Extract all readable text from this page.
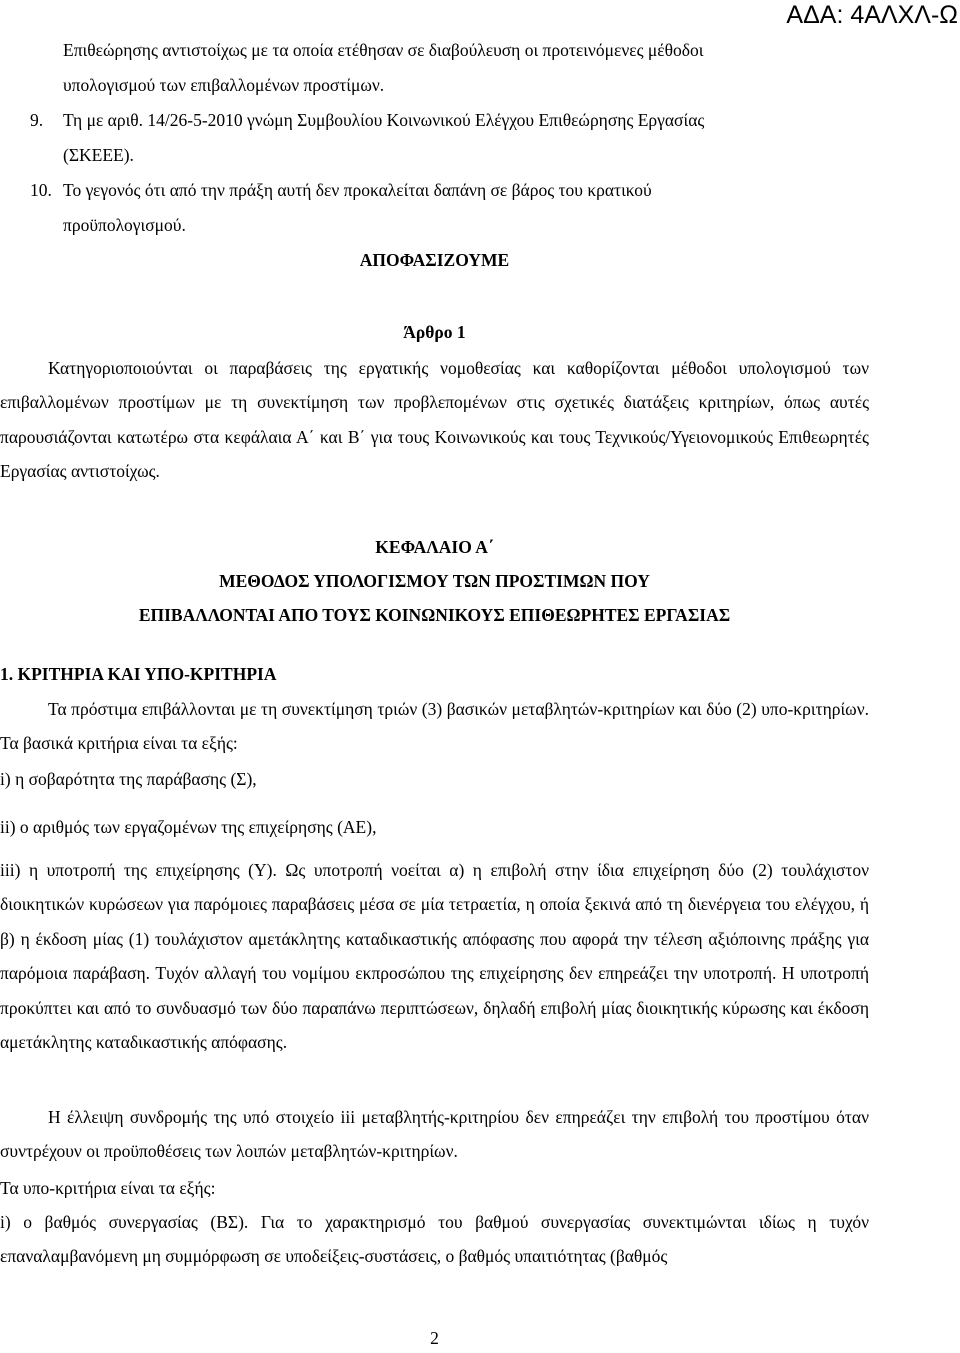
ΑΔΑ: 4ΑΛΧΛ-Ω
Επιθεώρησης αντιστοίχως με τα οποία ετέθησαν σε διαβούλευση οι προτεινόμενες μέθοδοι
υπολογισμού των επιβαλλομένων προστίμων.
9. Τη με αριθ. 14/26-5-2010 γνώμη Συμβουλίου Κοινωνικού Ελέγχου Επιθεώρησης Εργασίας
(ΣΚΕΕΕ).
10. Το γεγονός ότι από την πράξη αυτή δεν προκαλείται δαπάνη σε βάρος του κρατικού
προϋπολογισμού.
ΑΠΟΦΑΣΙΖΟΥΜΕ
Άρθρο 1

Κατηγοριοποιούνται οι παραβάσεις της εργατικής νομοθεσίας και καθορίζονται μέθοδοι υπολογισμού των επιβαλλομένων προστίμων με τη συνεκτίμηση των προβλεπομένων στις σχετικές διατάξεις κριτηρίων, όπως αυτές παρουσιάζονται κατωτέρω στα κεφάλαια Α΄ και Β΄ για τους Κοινωνικούς και τους Τεχνικούς/Υγειονομικούς Επιθεωρητές Εργασίας αντιστοίχως.

ΚΕΦΑΛΑΙΟ Α΄
ΜΕΘΟΔΟΣ ΥΠΟΛΟΓΙΣΜΟΥ ΤΩΝ ΠΡΟΣΤΙΜΩΝ ΠΟΥ
ΕΠΙΒΑΛΛΟΝΤΑΙ ΑΠΟ ΤΟΥΣ ΚΟΙΝΩΝΙΚΟΥΣ ΕΠΙΘΕΩΡΗΤΕΣ ΕΡΓΑΣΙΑΣ
1. ΚΡΙΤΗΡΙΑ ΚΑΙ ΥΠΟ-ΚΡΙΤΗΡΙΑ

Τα πρόστιμα επιβάλλονται με τη συνεκτίμηση τριών (3) βασικών μεταβλητών-κριτηρίων και δύο (2) υπο-κριτηρίων. Τα βασικά κριτήρια είναι τα εξής:

i) η σοβαρότητα της παράβασης (Σ),
ii) ο αριθμός των εργαζομένων της επιχείρησης (ΑΕ),

iii) η υποτροπή της επιχείρησης (Υ). Ως υποτροπή νοείται α) η επιβολή στην ίδια επιχείρηση δύο (2) τουλάχιστον διοικητικών κυρώσεων για παρόμοιες παραβάσεις μέσα σε μία τετραετία, η οποία ξεκινά από τη διενέργεια του ελέγχου, ή β) η έκδοση μίας (1) τουλάχιστον αμετάκλητης καταδικαστικής απόφασης που αφορά την τέλεση αξιόποινης πράξης για παρόμοια παράβαση. Τυχόν αλλαγή του νομίμου εκπροσώπου της επιχείρησης δεν επηρεάζει την υποτροπή. Η υποτροπή προκύπτει και από το συνδυασμό των δύο παραπάνω περιπτώσεων, δηλαδή επιβολή μίας διοικητικής κύρωσης και έκδοση αμετάκλητης καταδικαστικής απόφασης.

Η έλλειψη συνδρομής της υπό στοιχείο iii μεταβλητής-κριτηρίου δεν επηρεάζει την επιβολή του προστίμου όταν συντρέχουν οι προϋποθέσεις των λοιπών μεταβλητών-κριτηρίων.

Τα υπο-κριτήρια είναι τα εξής:

i) ο βαθμός συνεργασίας (ΒΣ). Για το χαρακτηρισμό του βαθμού συνεργασίας συνεκτιμώνται ιδίως η τυχόν επαναλαμβανόμενη μη συμμόρφωση σε υποδείξεις-συστάσεις, ο βαθμός υπαιτιότητας (βαθμός

2
